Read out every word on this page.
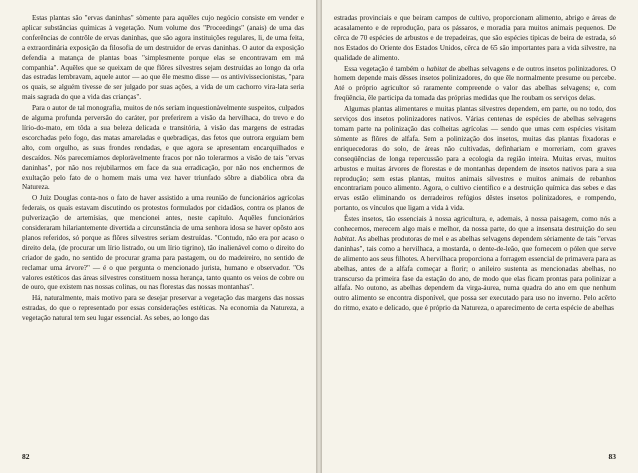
Estas plantas são "ervas daninhas" sòmente para aquêles cujo negócio consiste em vender e aplicar substâncias químicas à vegetação. Num volume dos "Proceedings" (anais) de uma das conferências de contrôle de ervas daninhas, que são agora instituições regulares, li, de uma feita, a extraordinária exposição da filosofia de um destruidor de ervas daninhas. O autor da exposição defendia a matança de plantas boas "simplesmente porque elas se encontravam em má companhia". Aquêles que se queixam de que flôres silvestres sejam destruídas ao longo da orla das estradas lembravam, aquele autor — ao que êle mesmo disse — os antivivissecionistas, "para os quais, se alguém tivesse de ser julgado por suas ações, a vida de um cachorro vira-lata seria mais sagrada do que a vida das crianças".

Para o autor de tal monografia, muitos de nós seríam inquestionàvelmente suspeitos, culpados de alguma profunda perversão do caráter, por preferirem a visão da hervilhaca, do trevo e do lírio-do-mato, em tôda a sua beleza delicada e transitória, à visão das margens de estradas escorchadas pelo fogo, das matas amareladas e quebradiças, das fetos que outrora erguiam bem alto, com orgulho, as suas frondes rendadas, e que agora se apresentam encarquilhados e descaídos. Nós parecemíamos deploràvelmente fracos por não tolerarmos a visão de tais "ervas daninhas", por não nos rejubilarmos em face da sua erradicação, por não nos enchermos de exultação pelo fato de o homem mais uma vez haver triunfado sôbre a diabólica obra da Natureza.

O Juiz Douglas conta-nos o fato de haver assistido a uma reunião de funcionários agrícolas federais, os quais estavam discutindo os protestos formulados por cidadãos, contra os planos de pulverização de artemísias, que mencionei antes, neste capítulo. Aquêles funcionários consideraram hilariantemente divertida a circunstância de uma senhora idosa se haver opôsto aos planos referidos, só porque as flôres silvestres seriam destruídas. "Contudo, não era por acaso o direito dela, (de procurar um lírio listrado, ou um lírio tigrino), tão inalienável como o direito do criador de gado, no sentido de procurar grama para pastagem, ou do madeireiro, no sentido de reclamar uma árvore?" — é o que pergunta o mencionado jurista, humano e observador. "Os valores estéticos das áreas silvestres constituem nossa herança, tanto quanto os veios de cobre ou de ouro, que existem nas nossas colinas, ou nas florestas das nossas montanhas".

Há, naturalmente, mais motivo para se desejar preservar a vegetação das margens das nossas estradas, do que o representado por essas considerações estéticas. Na economia da Natureza, a vegetação natural tem seu lugar essencial. As sebes, ao longo das

82

estradas provinciais e que beiram campos de cultivo, proporcionam alimento, abrigo e áreas de acasalamento e de reprodução, para os pássaros, e moradia para muitos animais pequenos. De cêrca de 70 espécies de arbustos e de trepadeiras, que são espécies típicas de beira de estrada, só nos Estados do Oriente dos Estados Unidos, cêrca de 65 são importantes para a vida silvestre, na qualidade de alimento.

Essa vegetação é também o habitat de abelhas selvagens e de outros insetos polinizadores. O homem depende mais dêsses insetos polinizadores, do que êle normalmente presume ou percebe. Até o próprio agricultor só raramente compreende o valor das abelhas selvagens; e, com freqüência, êle participa da tomada das próprias medidas que lhe roubam os serviços delas.

Algumas plantas alimentares e muitas plantas silvestres dependem, em parte, ou no todo, dos serviços dos insetos polinizadores nativos. Várias centenas de espécies de abelhas selvagens tomam parte na polinização das colheitas agrícolas — sendo que umas cem espécies visitam sòmente as flôres de alfafa. Sem a polinização dos insetos, muitas das plantas fixadoras e enriquecedoras do solo, de áreas não cultivadas, definhariam e morreriam, com graves conseqüências de longa repercussão para a ecologia da região inteira. Muitas ervas, muitos arbustos e muitas árvores de florestas e de montanhas dependem de insetos nativos para a sua reprodução; sem estas plantas, muitos animais silvestres e muitos animais de rebanhos encontrariam pouco alimento. Agora, o cultivo científico e a destruição química das sebes e das ervas estão eliminando os derradeiros refúgios dêstes insetos polinizadores, e rompendo, portanto, os vínculos que ligam a vida à vida.

Êstes insetos, tão essenciais à nossa agricultura, e, ademais, à nossa paisagem, como nós a conhecemos, merecem algo mais e melhor, da nossa parte, do que a insensata destruição do seu habitat. As abelhas produtoras de mel e as abelhas selvagens dependem sèriamente de tais "ervas daninhas", tais como a hervilhaca, a mostarda, o dente-de-leão, que fornecem o pólen que serve de alimento aos seus filhotes. A hervilhaca proporciona a forragem essencial de primavera para as abelhas, antes de a alfafa começar a florir; o anileiro sustenta as mencionadas abelhas, no transcurso da primeira fase da estação do ano, de modo que elas ficam prontas para polinizar a alfafa. No outono, as abelhas dependem da virga-áurea, numa quadra do ano em que nenhum outro alimento se encontra disponível, que possa ser executado para uso no inverno. Pelo acêrto do ritmo, exato e delicado, que é próprio da Natureza, o aparecimento de certa espécie de abelhas

83
